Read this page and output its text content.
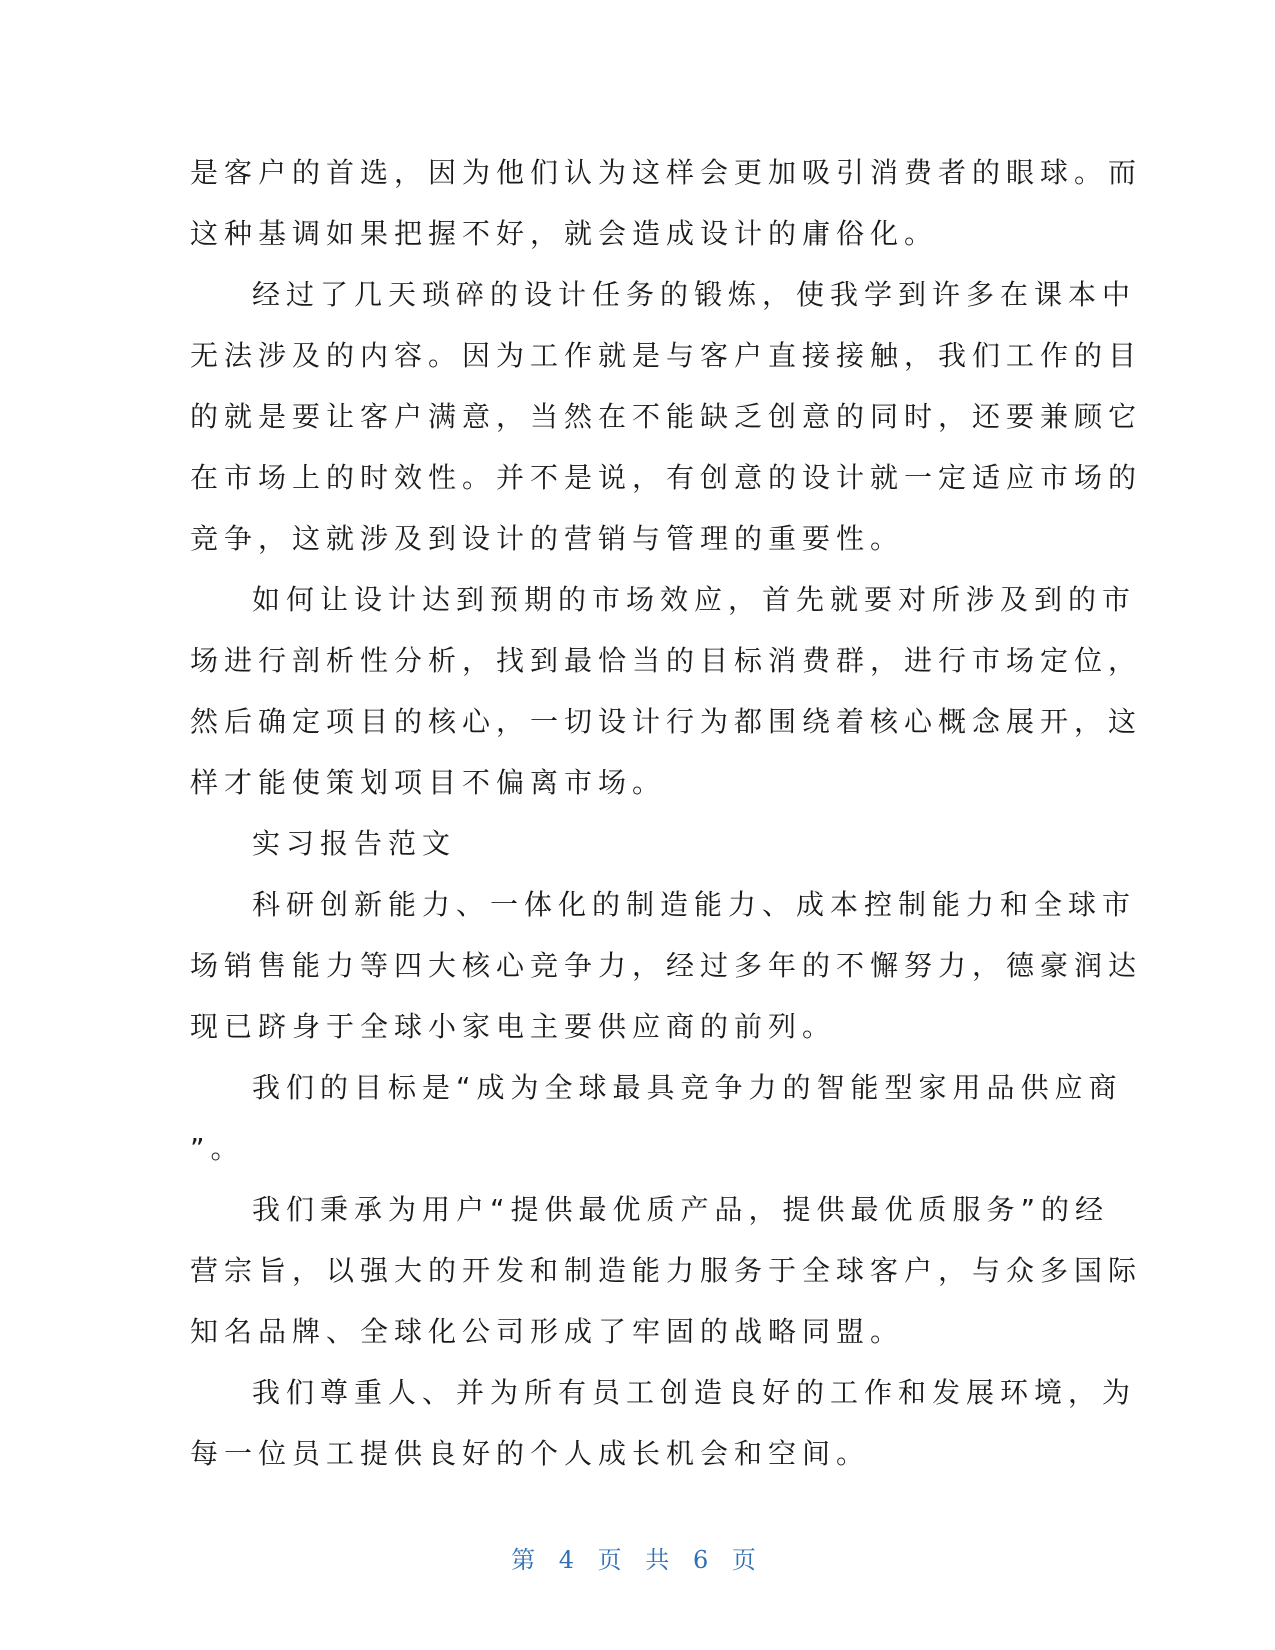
是客户的首选，因为他们认为这样会更加吸引消费者的眼球。而
这种基调如果把握不好，就会造成设计的庸俗化。
经过了几天琐碎的设计任务的锻炼，使我学到许多在课本中
无法涉及的内容。因为工作就是与客户直接接触，我们工作的目
的就是要让客户满意，当然在不能缺乏创意的同时，还要兼顾它
在市场上的时效性。并不是说，有创意的设计就一定适应市场的
竞争，这就涉及到设计的营销与管理的重要性。
如何让设计达到预期的市场效应，首先就要对所涉及到的市
场进行剖析性分析，找到最恰当的目标消费群，进行市场定位，
然后确定项目的核心，一切设计行为都围绕着核心概念展开，这
样才能使策划项目不偏离市场。
实习报告范文
科研创新能力、一体化的制造能力、成本控制能力和全球市
场销售能力等四大核心竞争力，经过多年的不懈努力，德豪润达
现已跻身于全球小家电主要供应商的前列。
我们的目标是“成为全球最具竞争力的智能型家用品供应商
”。
我们秉承为用户“提供最优质产品，提供最优质服务”的经
营宗旨，以强大的开发和制造能力服务于全球客户，与众多国际
知名品牌、全球化公司形成了牢固的战略同盟。
我们尊重人、并为所有员工创造良好的工作和发展环境，为
每一位员工提供良好的个人成长机会和空间。
第 4 页 共 6 页
